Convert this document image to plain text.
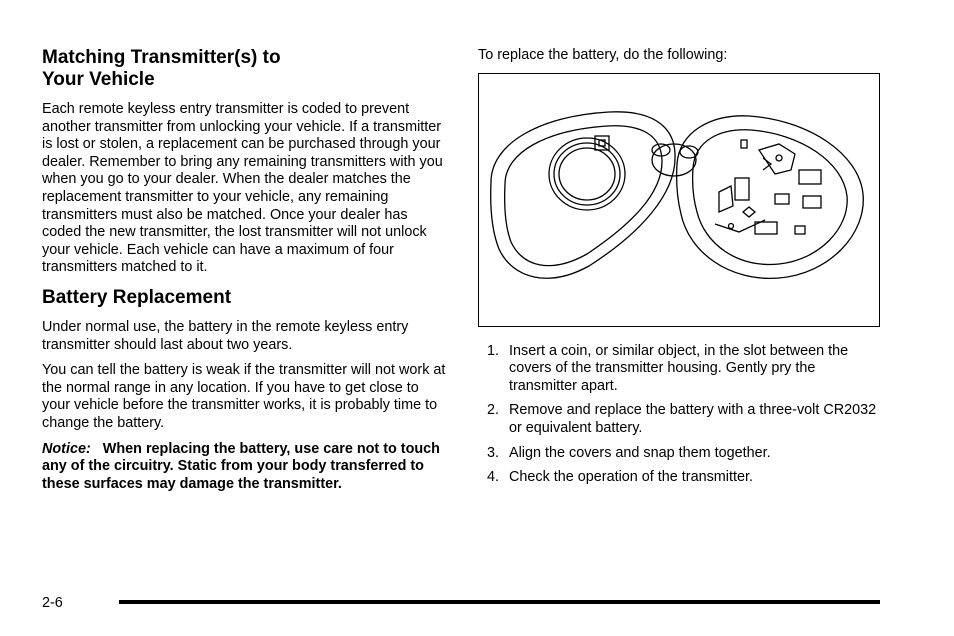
Matching Transmitter(s) to
Your Vehicle

Each remote keyless entry transmitter is coded to prevent another transmitter from unlocking your vehicle. If a transmitter is lost or stolen, a replacement can be purchased through your dealer. Remember to bring any remaining transmitters with you when you go to your dealer. When the dealer matches the replacement transmitter to your vehicle, any remaining transmitters must also be matched. Once your dealer has coded the new transmitter, the lost transmitter will not unlock your vehicle. Each vehicle can have a maximum of four transmitters matched to it.

Battery Replacement

Under normal use, the battery in the remote keyless entry transmitter should last about two years.

You can tell the battery is weak if the transmitter will not work at the normal range in any location. If you have to get close to your vehicle before the transmitter works, it is probably time to change the battery.

Notice: When replacing the battery, use care not to touch any of the circuitry. Static from your body transferred to these surfaces may damage the transmitter.

To replace the battery, do the following:

1. Insert a coin, or similar object, in the slot between the covers of the transmitter housing. Gently pry the transmitter apart.
2. Remove and replace the battery with a three-volt CR2032 or equivalent battery.
3. Align the covers and snap them together.
4. Check the operation of the transmitter.
2-6
